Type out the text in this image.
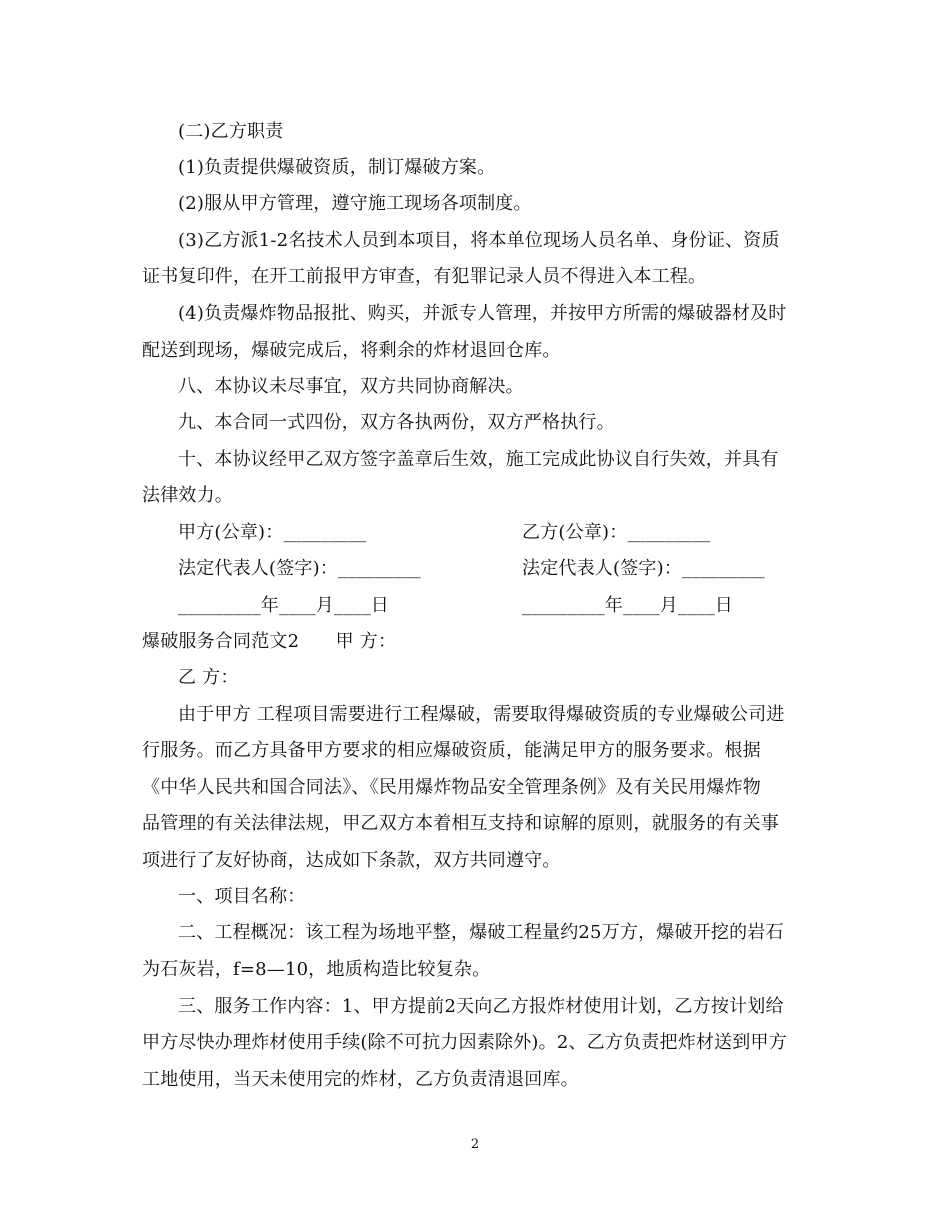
(二)乙方职责
(1)负责提供爆破资质，制订爆破方案。
(2)服从甲方管理，遵守施工现场各项制度。
(3)乙方派1-2名技术人员到本项目，将本单位现场人员名单、身份证、资质
证书复印件，在开工前报甲方审查，有犯罪记录人员不得进入本工程。
(4)负责爆炸物品报批、购买，并派专人管理，并按甲方所需的爆破器材及时
配送到现场，爆破完成后，将剩余的炸材退回仓库。
八、本协议未尽事宜，双方共同协商解决。
九、本合同一式四份，双方各执两份，双方严格执行。
十、本协议经甲乙双方签字盖章后生效，施工完成此协议自行失效，并具有
法律效力。
甲方(公章)：_________	乙方(公章)：_________
法定代表人(签字)：_________	法定代表人(签字)：_________
_________年____月____日	_________年____月____日
爆破服务合同范文2　　甲 方：
乙 方：
由于甲方 工程项目需要进行工程爆破，需要取得爆破资质的专业爆破公司进
行服务。而乙方具备甲方要求的相应爆破资质，能满足甲方的服务要求。根据
《中华人民共和国合同法》、《民用爆炸物品安全管理条例》及有关民用爆炸物
品管理的有关法律法规，甲乙双方本着相互支持和谅解的原则，就服务的有关事
项进行了友好协商，达成如下条款，双方共同遵守。
一、项目名称：
二、工程概况：该工程为场地平整，爆破工程量约25万方，爆破开挖的岩石
为石灰岩，f=8—10，地质构造比较复杂。
三、服务工作内容：1、甲方提前2天向乙方报炸材使用计划，乙方按计划给
甲方尽快办理炸材使用手续(除不可抗力因素除外)。2、乙方负责把炸材送到甲方
工地使用，当天未使用完的炸材，乙方负责清退回库。
2
